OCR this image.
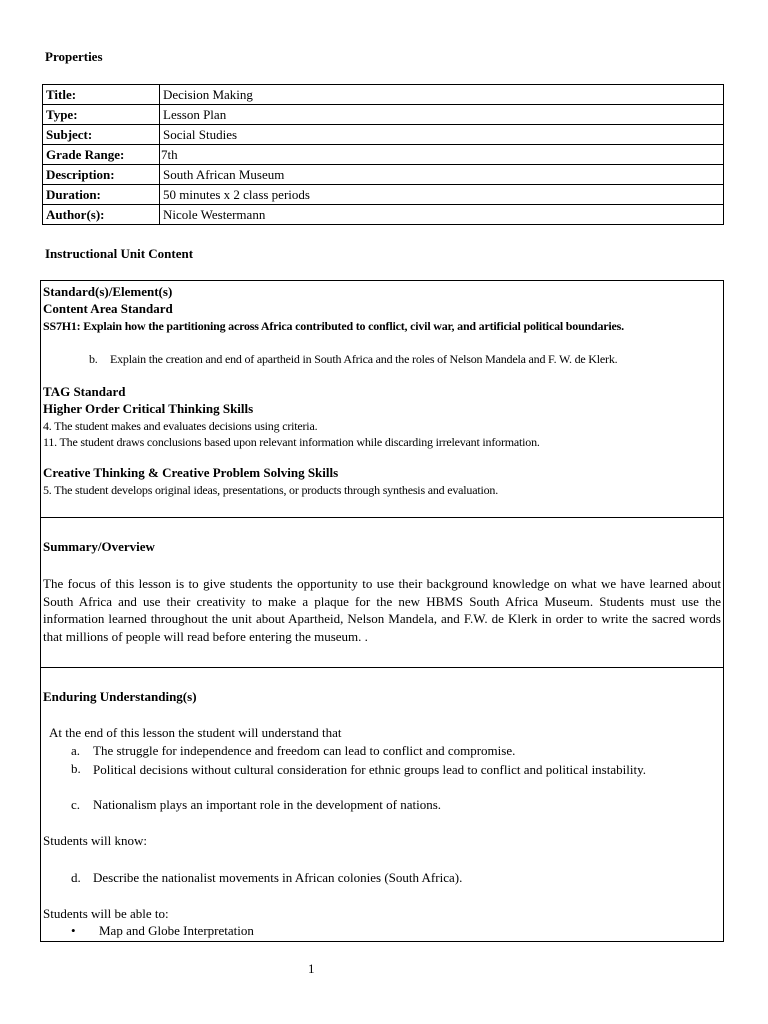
Properties
Title:	Decision Making
Type:	Lesson Plan
Subject:	Social Studies
Grade Range:	7th
Description:	South African Museum
Duration:	50 minutes x 2 class periods
Author(s):	Nicole Westermann
Instructional Unit Content
Standard(s)/Element(s)
Content Area Standard
SS7H1: Explain how the partitioning across Africa contributed to conflict, civil war, and artificial political boundaries.
b. Explain the creation and end of apartheid in South Africa and the roles of Nelson Mandela and F. W. de Klerk.
TAG Standard
Higher Order Critical Thinking Skills
4. The student makes and evaluates decisions using criteria.
11. The student draws conclusions based upon relevant information while discarding irrelevant information.
Creative Thinking & Creative Problem Solving Skills
5. The student develops original ideas, presentations, or products through synthesis and evaluation.
Summary/Overview
The focus of this lesson is to give students the opportunity to use their background knowledge on what we have learned about South Africa and use their creativity to make a plaque for the new HBMS South Africa Museum. Students must use the information learned throughout the unit about Apartheid, Nelson Mandela, and F.W. de Klerk in order to write the sacred words that millions of people will read before entering the museum. .
Enduring Understanding(s)
At the end of this lesson the student will understand that
a. The struggle for independence and freedom can lead to conflict and compromise.
b. Political decisions without cultural consideration for ethnic groups lead to conflict and political instability.
c. Nationalism plays an important role in the development of nations.
Students will know:
d. Describe the nationalist movements in African colonies (South Africa).
Students will be able to:
• Map and Globe Interpretation
1
